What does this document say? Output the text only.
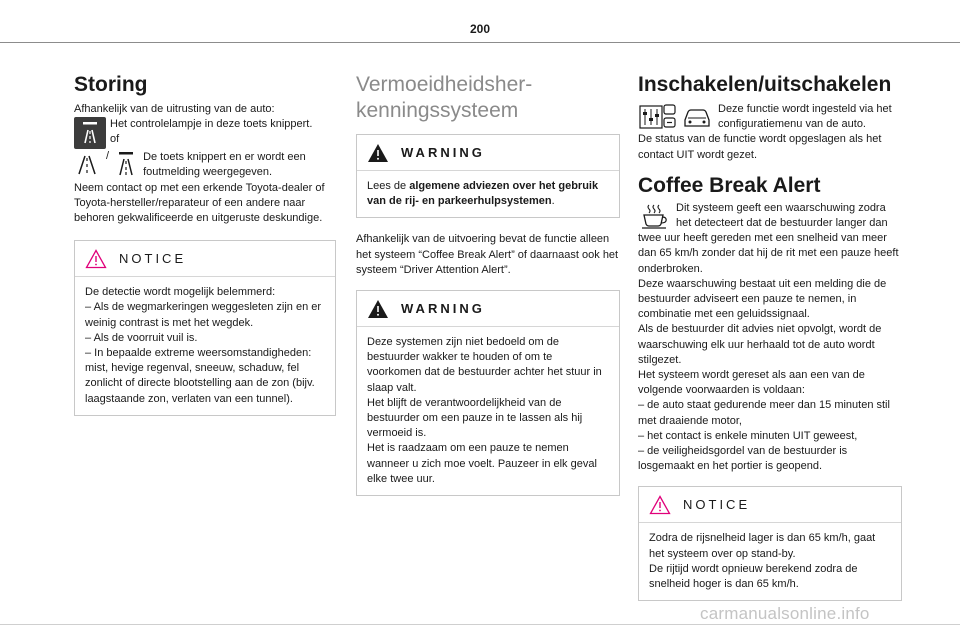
200
Storing

Afhankelijk van de uitrusting van de auto:

Het controlelampje in deze toets knippert.

of

/	De toets knippert en er wordt een foutmelding weergegeven.

Neem contact op met een erkende Toyota-dealer of Toyota-hersteller/reparateur of een andere naar behoren gekwalificeerde en uitgeruste deskundige.

NOTICE

De detectie wordt mogelijk belemmerd:

– Als de wegmarkeringen weggesleten zijn en er weinig contrast is met het wegdek.

– Als de voorruit vuil is.

– In bepaalde extreme weersomstandigheden: mist, hevige regenval, sneeuw, schaduw, fel zonlicht of directe blootstelling aan de zon (bijv. laagstaande zon, verlaten van een tunnel).

Vermoeidheidsher-
kenningssysteem
WARNING

Lees de algemene adviezen over het gebruik van de rij- en parkeerhulpsystemen.

Afhankelijk van de uitvoering bevat de functie alleen het systeem “Coffee Break Alert” of daarnaast ook het systeem “Driver Attention Alert”.

WARNING

Deze systemen zijn niet bedoeld om de bestuurder wakker te houden of om te voorkomen dat de bestuurder achter het stuur in slaap valt.

Het blijft de verantwoordelijkheid van de bestuurder om een pauze in te lassen als hij vermoeid is.

Het is raadzaam om een pauze te nemen wanneer u zich moe voelt. Pauzeer in elk geval elke twee uur.

Inschakelen/uitschakelen

Deze functie wordt ingesteld via het configuratiemenu van de auto.

De status van de functie wordt opgeslagen als het contact UIT wordt gezet.

Coffee Break Alert

Dit systeem geeft een waarschuwing zodra het detecteert dat de bestuurder langer dan twee uur heeft gereden met een snelheid van meer dan 65 km/h zonder dat hij de rit met een pauze heeft onderbroken.

Deze waarschuwing bestaat uit een melding die de bestuurder adviseert een pauze te nemen, in combinatie met een geluidssignaal.

Als de bestuurder dit advies niet opvolgt, wordt de waarschuwing elk uur herhaald tot de auto wordt stilgezet.

Het systeem wordt gereset als aan een van de volgende voorwaarden is voldaan:

– de auto staat gedurende meer dan 15 minuten stil met draaiende motor,

– het contact is enkele minuten UIT geweest,

– de veiligheidsgordel van de bestuurder is losgemaakt en het portier is geopend.

NOTICE

Zodra de rijsnelheid lager is dan 65 km/h, gaat het systeem over op stand-by.

De rijtijd wordt opnieuw berekend zodra de snelheid hoger is dan 65 km/h.

carmanualsonline.info
